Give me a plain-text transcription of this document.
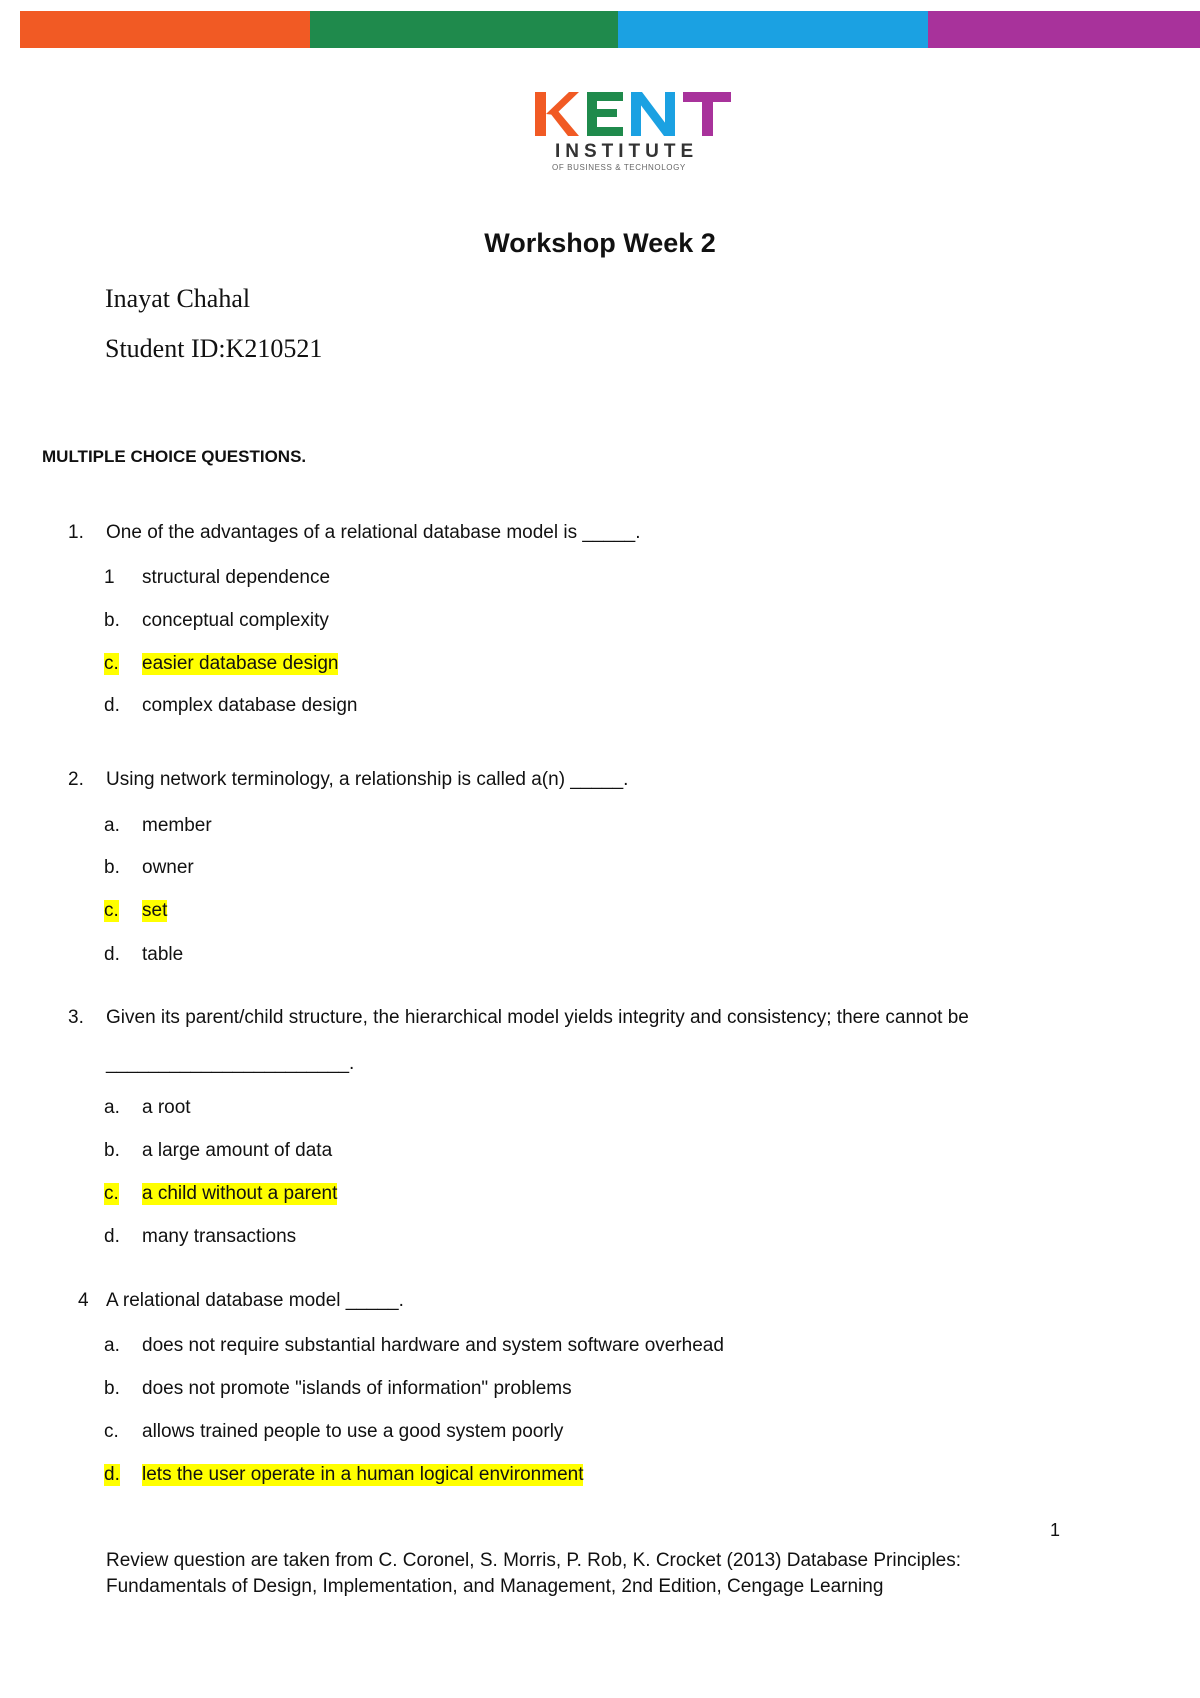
INSTITUTE
OF BUSINESS & TECHNOLOGY
Workshop Week 2
Inayat Chahal
Student ID:K210521
MULTIPLE CHOICE QUESTIONS.
1. One of the advantages of a relational database model is _____.
1 structural dependence
b. conceptual complexity
c. easier database design
d. complex database design
2. Using network terminology, a relationship is called a(n) _____.
a. member
b. owner
c. set
d. table
3. Given its parent/child structure, the hierarchical model yields integrity and consistency; there cannot be
_______________________.
a. a root
b. a large amount of data
c. a child without a parent
d. many transactions
4 A relational database model _____.
a. does not require substantial hardware and system software overhead
b. does not promote "islands of information" problems
c. allows trained people to use a good system poorly
d. lets the user operate in a human logical environment
1
Review question are taken from C. Coronel, S. Morris, P. Rob, K. Crocket (2013) Database Principles:
Fundamentals of Design, Implementation, and Management, 2nd Edition, Cengage Learning
